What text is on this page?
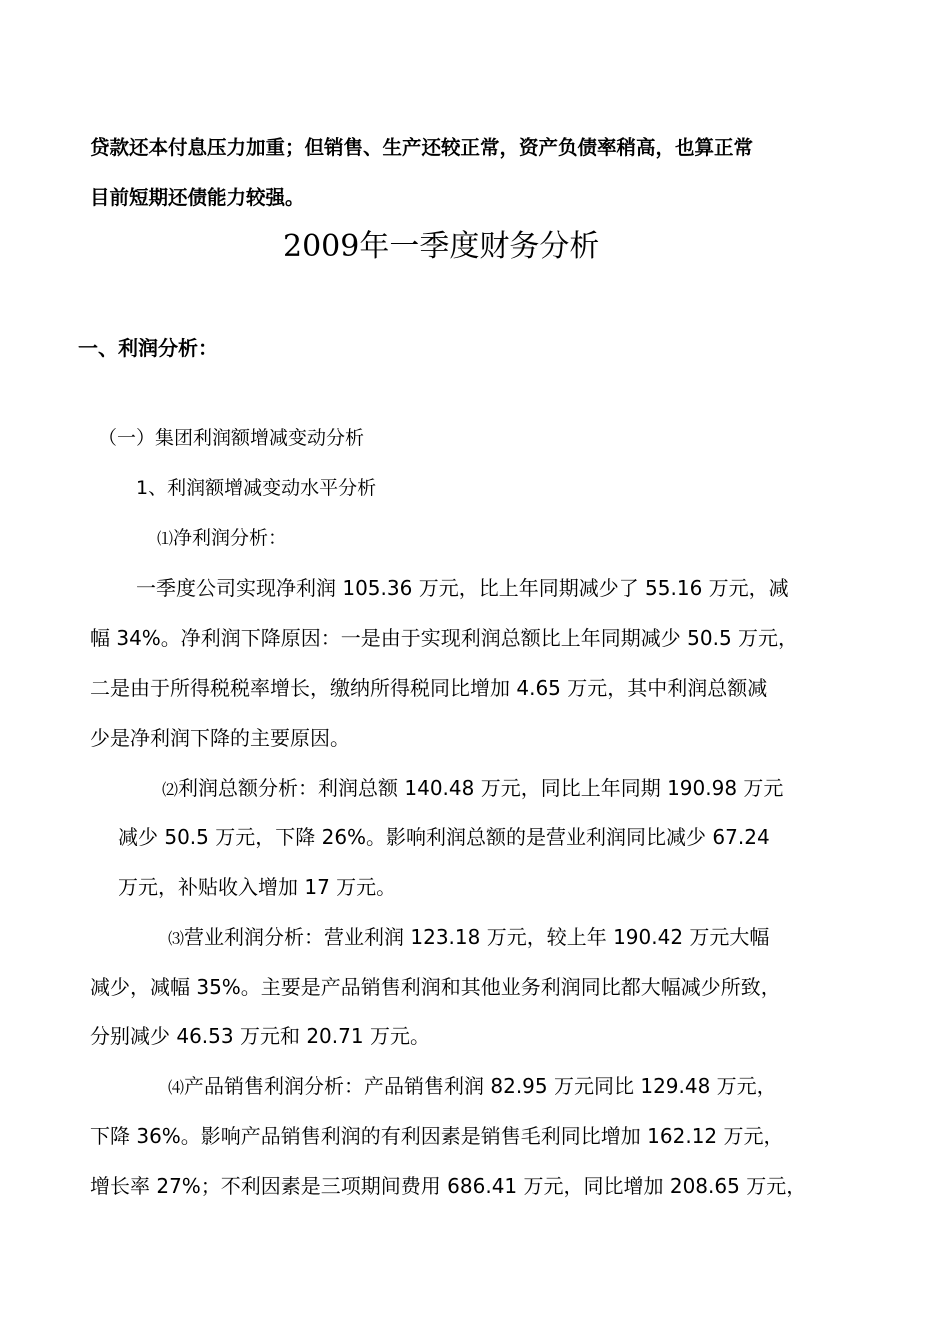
贷款还本付息压力加重；但销售、生产还较正常，资产负债率稍高，也算正常
目前短期还债能力较强。
2009年一季度财务分析
一、利润分析：
（一）集团利润额增减变动分析
1、利润额增减变动水平分析
⑴净利润分析：
一季度公司实现净利润 105.36 万元，比上年同期减少了 55.16 万元，减
幅 34%。净利润下降原因：一是由于实现利润总额比上年同期减少 50.5 万元，
二是由于所得税税率增长，缴纳所得税同比增加 4.65 万元，其中利润总额减
少是净利润下降的主要原因。
⑵利润总额分析：利润总额 140.48 万元，同比上年同期 190.98 万元
减少 50.5 万元，下降 26%。影响利润总额的是营业利润同比减少 67.24
万元，补贴收入增加 17 万元。
⑶营业利润分析：营业利润 123.18 万元，较上年 190.42 万元大幅
减少，减幅 35%。主要是产品销售利润和其他业务利润同比都大幅减少所致，
分别减少 46.53 万元和 20.71 万元。
⑷产品销售利润分析：产品销售利润 82.95 万元同比 129.48 万元，
下降 36%。影响产品销售利润的有利因素是销售毛利同比增加 162.12 万元，
增长率 27%；不利因素是三项期间费用 686.41 万元，同比增加 208.65 万元，
